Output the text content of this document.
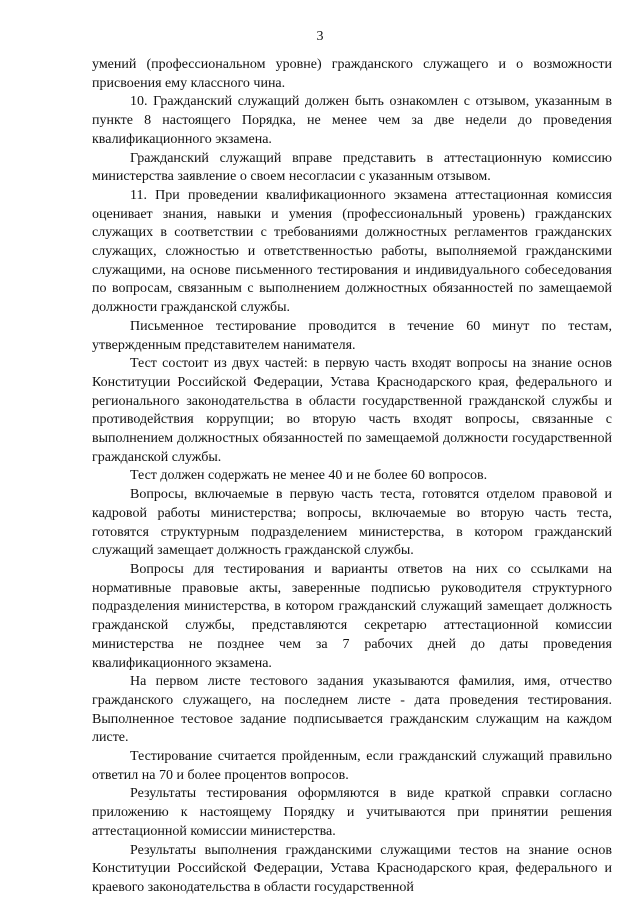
3

умений (профессиональном уровне) гражданского служащего и о возможности присвоения ему классного чина.

10. Гражданский служащий должен быть ознакомлен с отзывом, указанным в пункте 8 настоящего Порядка, не менее чем за две недели до проведения квалификационного экзамена.

Гражданский служащий вправе представить в аттестационную комиссию министерства заявление о своем несогласии с указанным отзывом.

11. При проведении квалификационного экзамена аттестационная комиссия оценивает знания, навыки и умения (профессиональный уровень) гражданских служащих в соответствии с требованиями должностных регламентов гражданских служащих, сложностью и ответственностью работы, выполняемой гражданскими служащими, на основе письменного тестирования и индивидуального собеседования по вопросам, связанным с выполнением должностных обязанностей по замещаемой должности гражданской службы.

Письменное тестирование проводится в течение 60 минут по тестам, утвержденным представителем нанимателя.

Тест состоит из двух частей: в первую часть входят вопросы на знание основ Конституции Российской Федерации, Устава Краснодарского края, федерального и регионального законодательства в области государственной гражданской службы и противодействия коррупции; во вторую часть входят вопросы, связанные с выполнением должностных обязанностей по замещаемой должности государственной гражданской службы.

Тест должен содержать не менее 40 и не более 60 вопросов.

Вопросы, включаемые в первую часть теста, готовятся отделом правовой и кадровой работы министерства; вопросы, включаемые во вторую часть теста, готовятся структурным подразделением министерства, в котором гражданский служащий замещает должность гражданской службы.

Вопросы для тестирования и варианты ответов на них со ссылками на нормативные правовые акты, заверенные подписью руководителя структурного подразделения министерства, в котором гражданский служащий замещает должность гражданской службы, представляются секретарю аттестационной комиссии министерства не позднее чем за 7 рабочих дней до даты проведения квалификационного экзамена.

На первом листе тестового задания указываются фамилия, имя, отчество гражданского служащего, на последнем листе - дата проведения тестирования. Выполненное тестовое задание подписывается гражданским служащим на каждом листе.

Тестирование считается пройденным, если гражданский служащий правильно ответил на 70 и более процентов вопросов.

Результаты тестирования оформляются в виде краткой справки согласно приложению к настоящему Порядку и учитываются при принятии решения аттестационной комиссии министерства.

Результаты выполнения гражданскими служащими тестов на знание основ Конституции Российской Федерации, Устава Краснодарского края, федерального и краевого законодательства в области государственной
